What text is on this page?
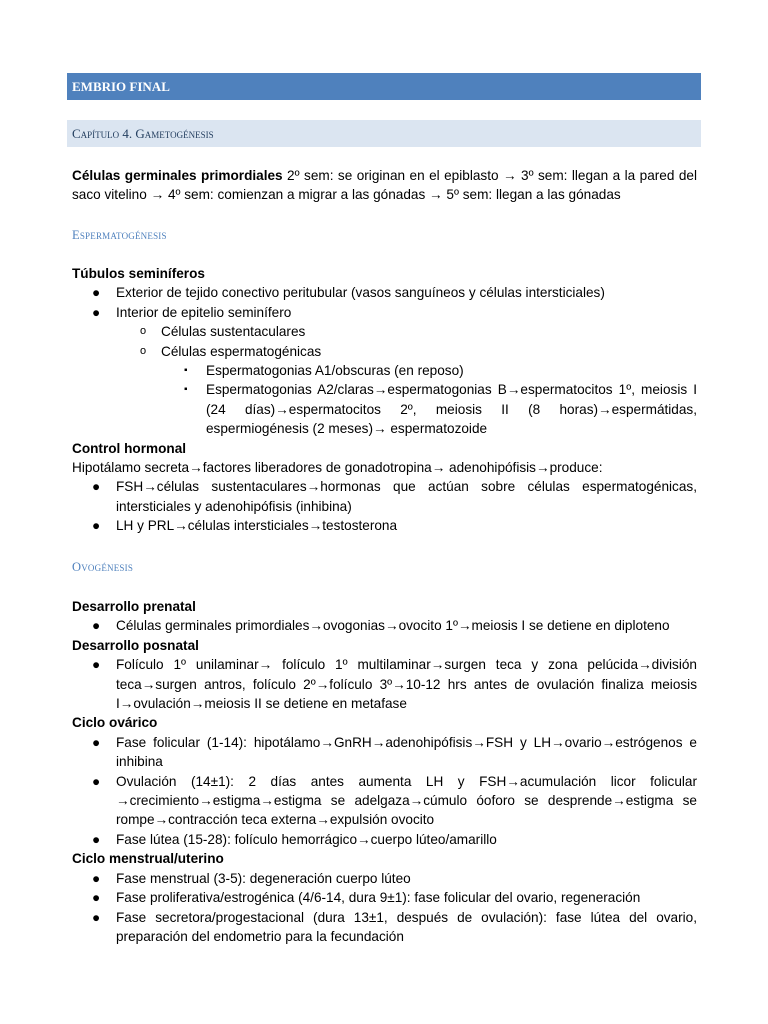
EMBRIO FINAL
Capítulo 4. Gametogénesis

Células germinales primordiales 2º sem: se originan en el epiblasto → 3º sem: llegan a la pared del saco vitelino → 4º sem: comienzan a migrar a las gónadas → 5º sem: llegan a las gónadas

Espermatogénesis

Túbulos seminíferos

● Exterior de tejido conectivo peritubular (vasos sanguíneos y células intersticiales)
● Interior de epitelio seminífero
o Células sustentaculares
o Células espermatogénicas
▪ Espermatogonias A1/obscuras (en reposo)
▪ Espermatogonias A2/claras→espermatogonias B→espermatocitos 1º, meiosis I (24 días)→espermatocitos 2º, meiosis II (8 horas)→espermátidas, espermiogénesis (2 meses)→ espermatozoide

Control hormonal

Hipotálamo secreta→factores liberadores de gonadotropina→ adenohipófisis→produce:

● FSH→células sustentaculares→hormonas que actúan sobre células espermatogénicas, intersticiales y adenohipófisis (inhibina)
● LH y PRL→células intersticiales→testosterona
Ovogénesis

Desarrollo prenatal

● Células germinales primordiales→ovogonias→ovocito 1º→meiosis I se detiene en diploteno

Desarrollo posnatal

● Folículo 1º unilaminar→ folículo 1º multilaminar→surgen teca y zona pelúcida→división teca→surgen antros, folículo 2º→folículo 3º→10-12 hrs antes de ovulación finaliza meiosis I→ovulación→meiosis II se detiene en metafase

Ciclo ovárico

● Fase folicular (1-14): hipotálamo→GnRH→adenohipófisis→FSH y LH→ovario→estrógenos e inhibina
● Ovulación (14±1): 2 días antes aumenta LH y FSH→acumulación licor folicular →crecimiento→estigma→estigma se adelgaza→cúmulo óoforo se desprende→estigma se rompe→contracción teca externa→expulsión ovocito
● Fase lútea (15-28): folículo hemorrágico→cuerpo lúteo/amarillo

Ciclo menstrual/uterino

● Fase menstrual (3-5): degeneración cuerpo lúteo
● Fase proliferativa/estrogénica (4/6-14, dura 9±1): fase folicular del ovario, regeneración
● Fase secretora/progestacional (dura 13±1, después de ovulación): fase lútea del ovario, preparación del endometrio para la fecundación
